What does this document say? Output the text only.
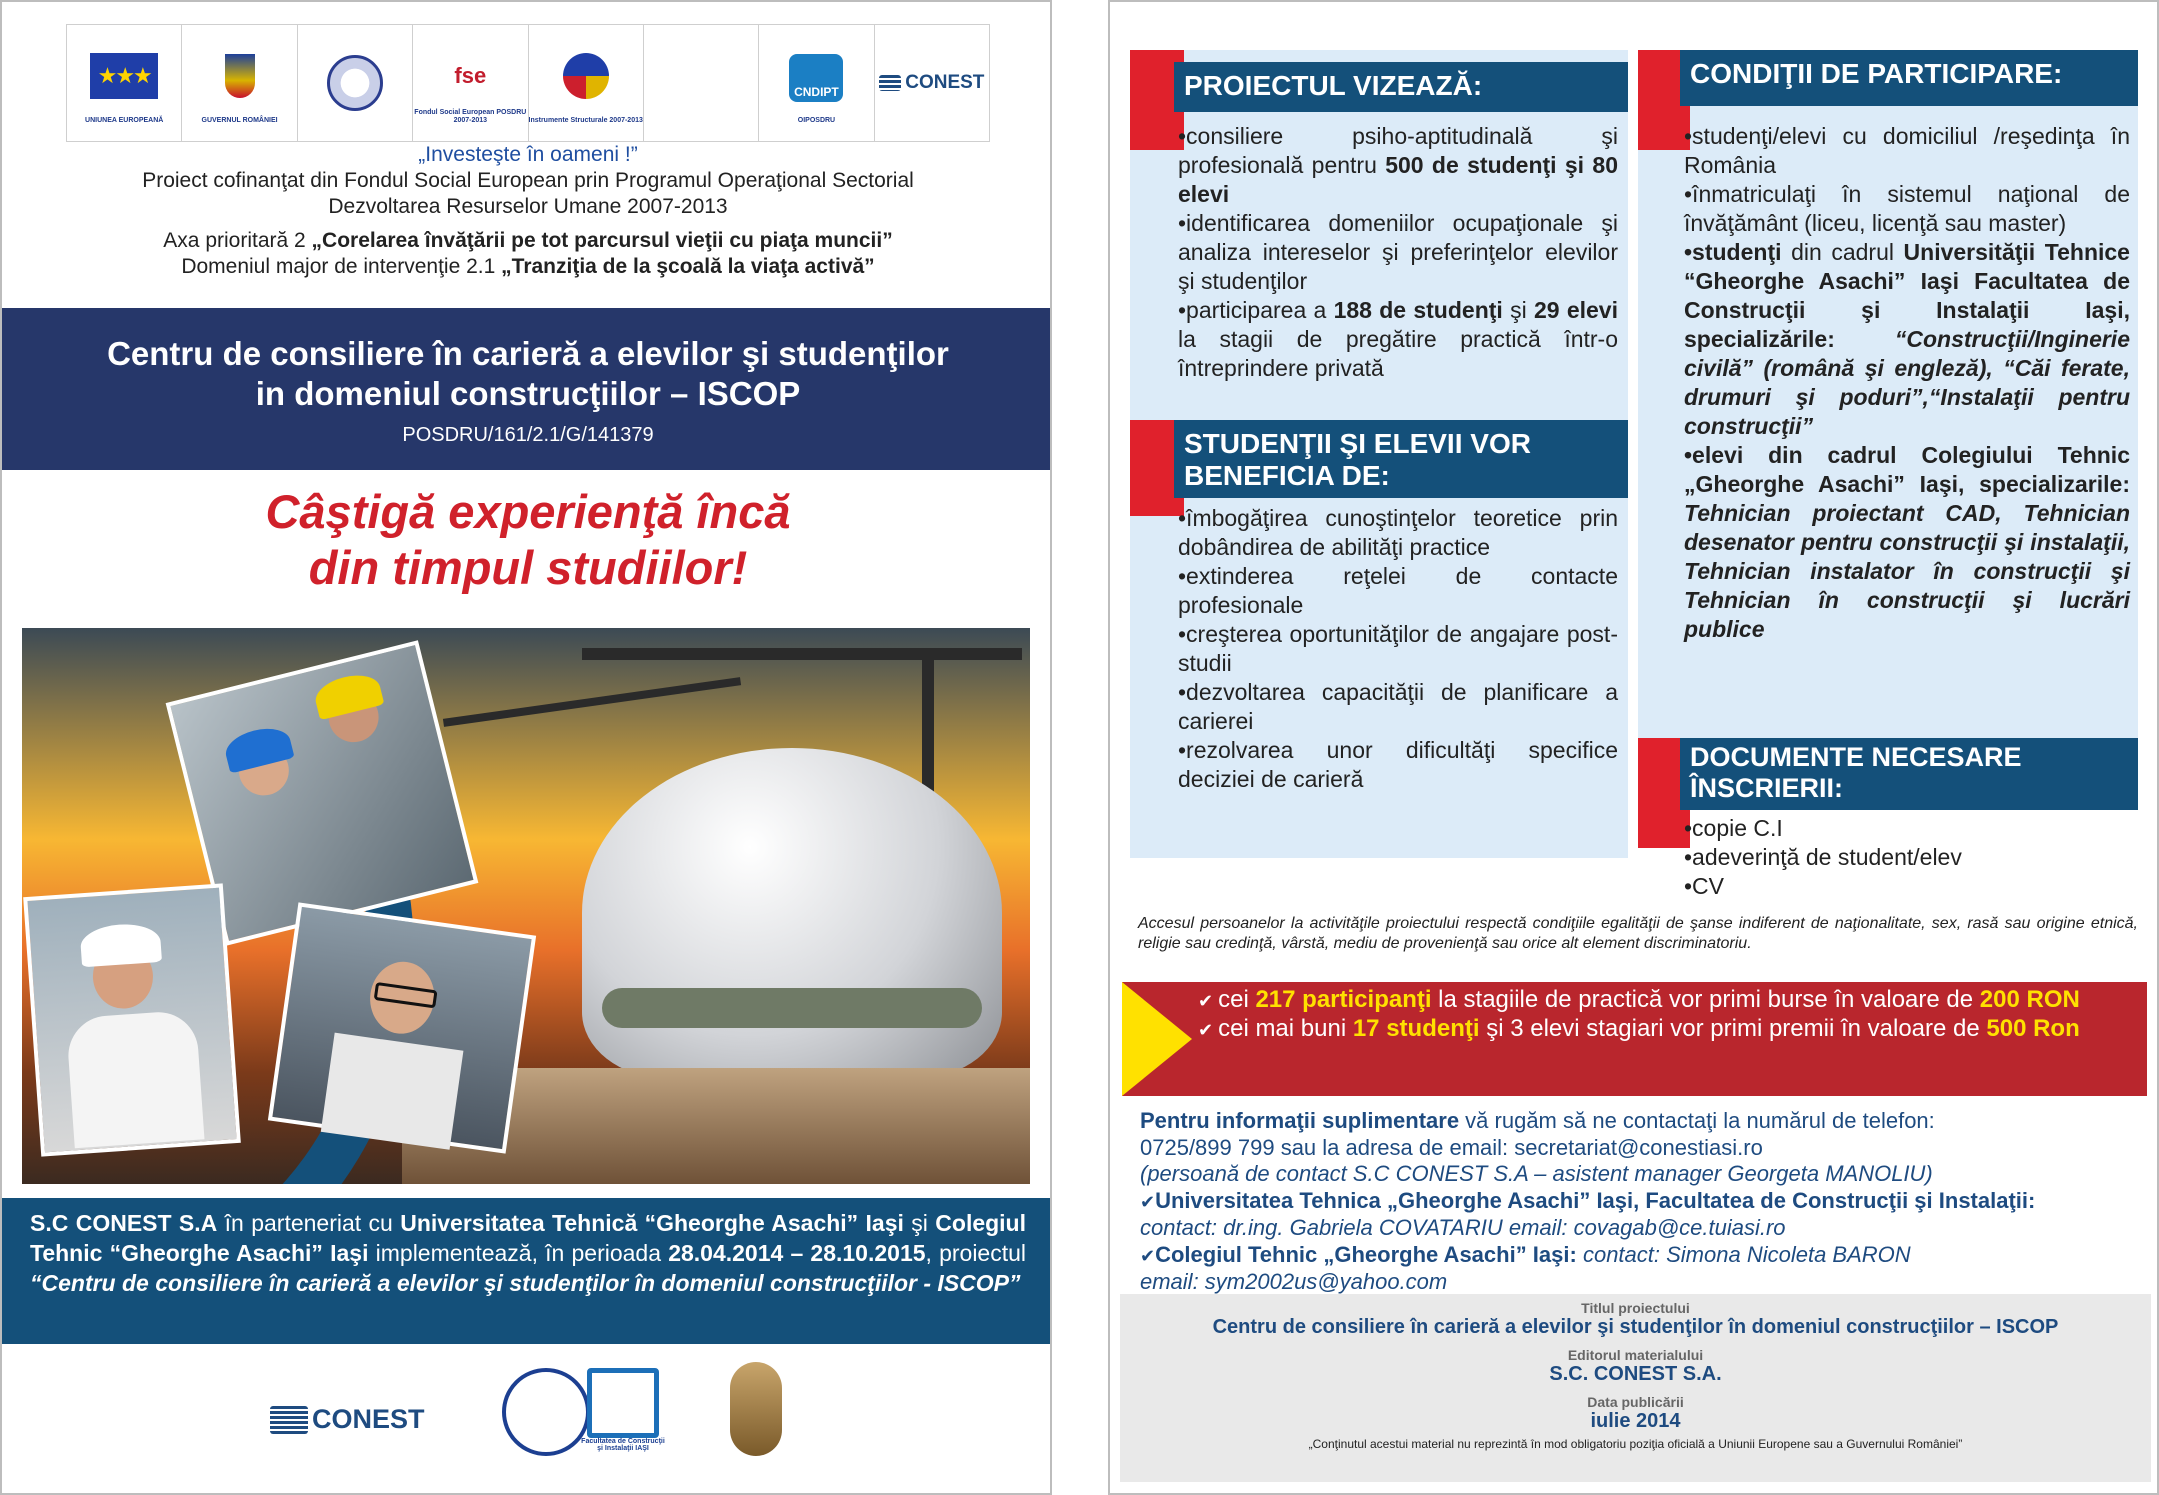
★★★
UNIUNEA EUROPEANĂ	GUVERNUL ROMÂNIEI
fse
Fondul Social European POSDRU 2007-2013	Instrumente Structurale 2007-2013
CNDIPT
OIPOSDRU
CONEST
„Investeşte în oameni !”
Proiect cofinanţat din Fondul Social European prin Programul Operaţional Sectorial
Dezvoltarea Resurselor Umane 2007-2013
Axa prioritară 2 „Corelarea învăţării pe tot parcursul vieţii cu piaţa muncii”
Domeniul major de intervenţie 2.1 „Tranziţia de la şcoală la viaţa activă”
Centru de consiliere în carieră a elevilor şi studenţilor
in domeniul construcţiilor – ISCOP
POSDRU/161/2.1/G/141379
Câştigă experienţă încă
din timpul studiilor!
S.C CONEST S.A în parteneriat cu Universitatea Tehnică “Gheorghe Asachi” Iaşi şi Colegiul Tehnic “Gheorghe Asachi” Iaşi implementează, în perioada 28.04.2014 – 28.10.2015, proiectul “Centru de consiliere în carieră a elevilor şi studenţilor în domeniul construcţiilor - ISCOP”
CONEST
Facultatea de Construcţii şi Instalaţii IAŞI
PROIECTUL VIZEAZĂ:

•consiliere psiho-aptitudinală şi profesională pentru 500 de studenţi şi 80 elevi

•identificarea domeniilor ocupaţionale şi analiza intereselor şi preferinţelor elevilor şi studenţilor

•participarea a 188 de studenţi şi 29 elevi la stagii de pregătire practică într-o întreprindere privată

STUDENŢII ŞI ELEVII VOR
BENEFICIA DE:

•îmbogăţirea cunoştinţelor teoretice prin dobândirea de abilităţi practice

•extinderea reţelei de contacte profesionale

•creşterea oportunităţilor de angajare post-studii

•dezvoltarea capacităţii de planificare a carierei

•rezolvarea unor dificultăţi specifice deciziei de carieră

CONDIŢII DE PARTICIPARE:

•studenţi/elevi cu domiciliul /reşedinţa în România

•înmatriculaţi în sistemul naţional de învăţământ (liceu, licenţă sau master)

•studenţi din cadrul Universităţii Tehnice “Gheorghe Asachi” Iaşi Facultatea de Construcţii şi Instalaţii Iaşi, specializările: “Construcţii/Inginerie civilă” (română şi engleză), “Căi ferate, drumuri şi poduri”,“Instalaţii pentru construcţii”

•elevi din cadrul Colegiului Tehnic „Gheorghe Asachi” Iaşi, specializarile: Tehnician proiectant CAD, Tehnician desenator pentru construcţii şi instalaţii, Tehnician instalator în construcţii şi Tehnician în construcţii şi lucrări publice

DOCUMENTE NECESARE
ÎNSCRIERII:

•copie C.I

•adeverinţă de student/elev

•CV

Accesul persoanelor la activităţile proiectului respectă condiţiile egalităţii de şanse indiferent de naţionalitate, sex, rasă sau origine etnică, religie sau credinţă, vârstă, mediu de provenienţă sau orice alt element discriminatoriu.
✔ cei 217 participanţi la stagiile de practică vor primi burse în valoare de 200 RON
✔ cei mai buni 17 studenţi şi 3 elevi stagiari vor primi premii în valoare de 500 Ron
Pentru informaţii suplimentare vă rugăm să ne contactaţi la numărul de telefon:
0725/899 799 sau la adresa de email: secretariat@conestiasi.ro
(persoană de contact S.C CONEST S.A – asistent manager Georgeta MANOLIU)
✔Universitatea Tehnica „Gheorghe Asachi” Iaşi, Facultatea de Construcţii şi Instalaţii:
contact: dr.ing. Gabriela COVATARIU email: covagab@ce.tuiasi.ro
✔Colegiul Tehnic „Gheorghe Asachi” Iaşi: contact: Simona Nicoleta BARON
email: sym2002us@yahoo.com
Titlul proiectului
Centru de consiliere în carieră a elevilor şi studenţilor în domeniul construcţiilor – ISCOP
Editorul materialului
S.C. CONEST S.A.
Data publicării
iulie 2014
„Conţinutul acestui material nu reprezintă în mod obligatoriu poziţia oficială a Uniunii Europene sau a Guvernului României”
